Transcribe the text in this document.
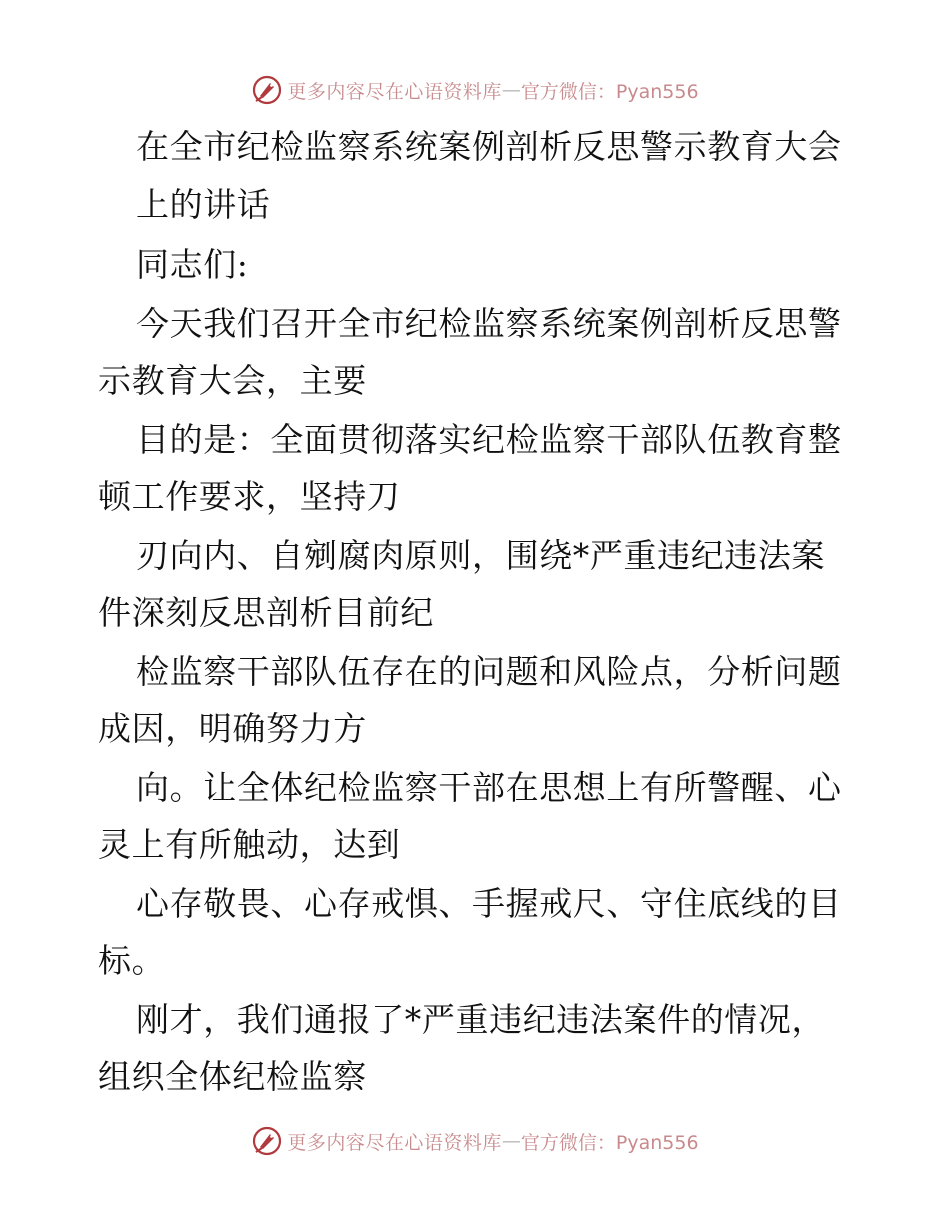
更多内容尽在心语资料库 — 官方微信：Pyan556
在全市纪检监察系统案例剖析反思警示教育大会
上的讲话
同志们:
今天我们召开全市纪检监察系统案例剖析反思警
示教育大会，主要
目的是：全面贯彻落实纪检监察干部队伍教育整
顿工作要求，坚持刀
刃向内、自剜腐肉原则，围绕*严重违纪违法案
件深刻反思剖析目前纪
检监察干部队伍存在的问题和风险点，分析问题
成因，明确努力方
向。让全体纪检监察干部在思想上有所警醒、心
灵上有所触动，达到
心存敬畏、心存戒惧、手握戒尺、守住底线的目
标。
刚才，我们通报了*严重违纪违法案件的情况，
组织全体纪检监察
更多内容尽在心语资料库 — 官方微信：Pyan556
